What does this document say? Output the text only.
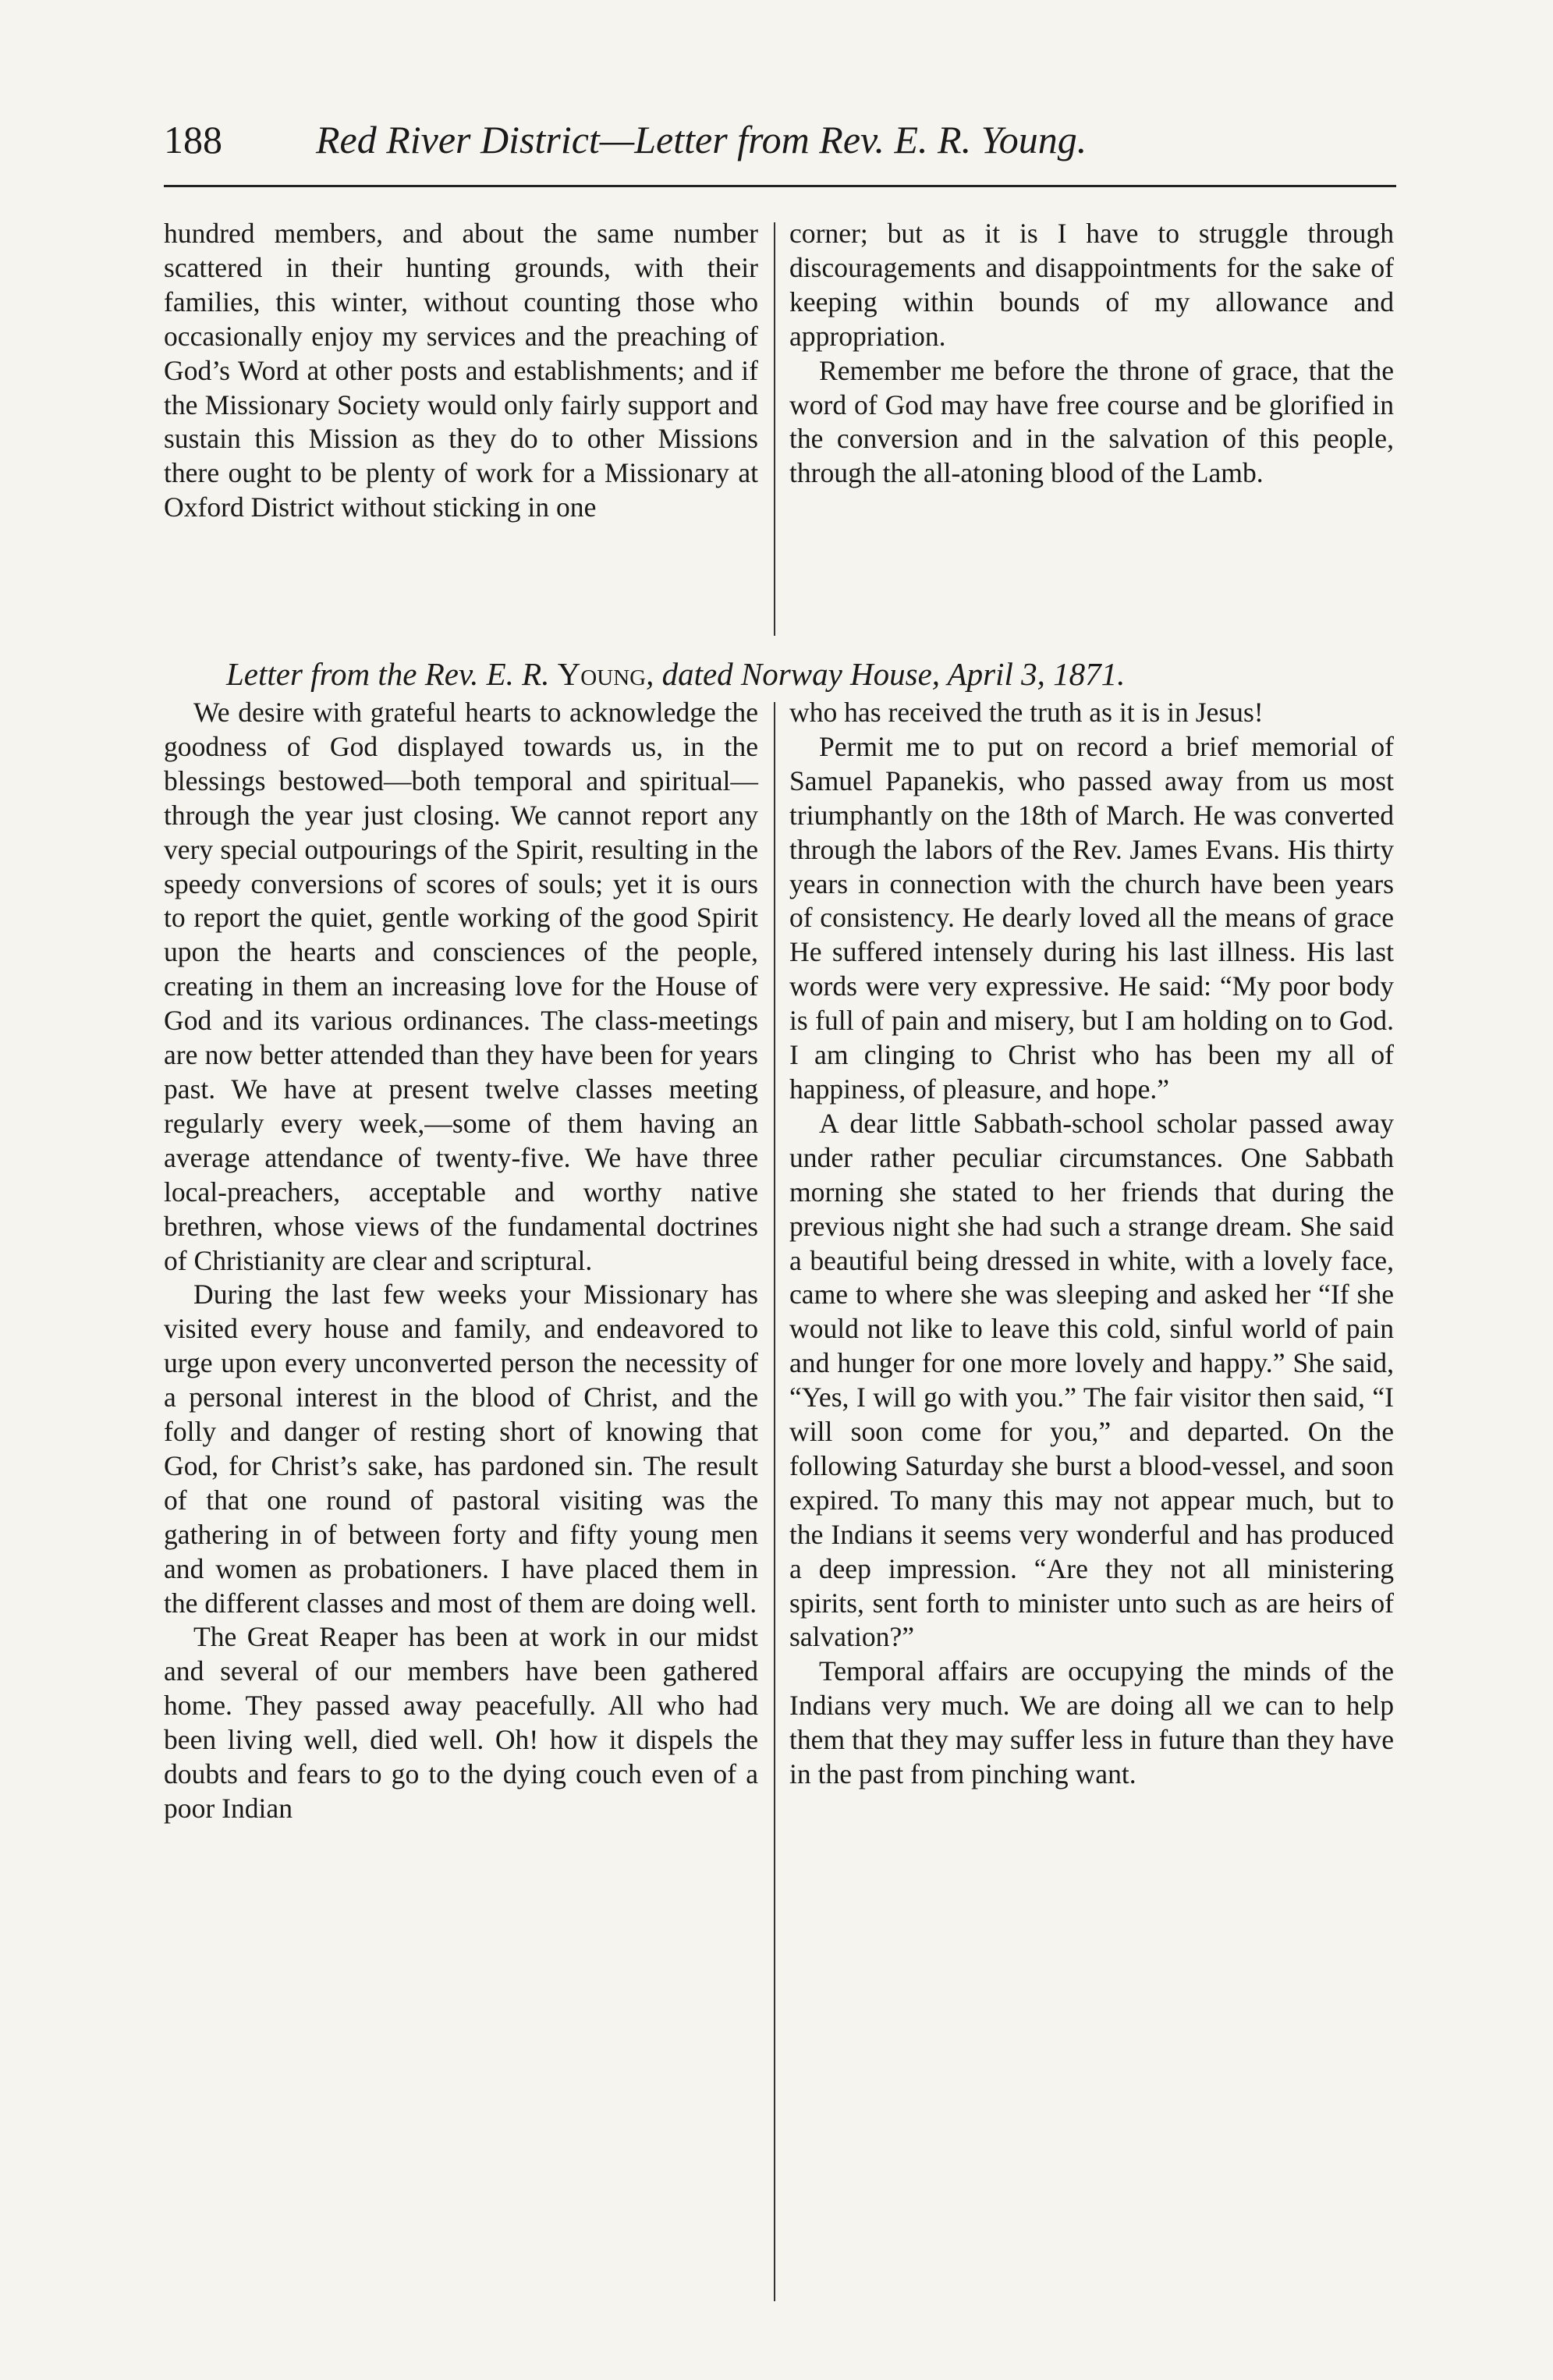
188 Red River District—Letter from Rev. E. R. Young.

hundred members, and about the same number scattered in their hunting grounds, with their families, this winter, without counting those who occasionally enjoy my services and the preaching of God’s Word at other posts and establishments; and if the Missionary Society would only fairly support and sustain this Mission as they do to other Missions there ought to be plenty of work for a Missionary at Oxford District without sticking in one

corner; but as it is I have to struggle through discouragements and disappointments for the sake of keeping within bounds of my allowance and appropriation.

Remember me before the throne of grace, that the word of God may have free course and be glorified in the conversion and in the salvation of this people, through the all-atoning blood of the Lamb.

Letter from the Rev. E. R. Young, dated Norway House, April 3, 1871.

We desire with grateful hearts to acknowledge the goodness of God displayed towards us, in the blessings bestowed—both temporal and spiritual—through the year just closing. We cannot report any very special outpourings of the Spirit, resulting in the speedy conversions of scores of souls; yet it is ours to report the quiet, gentle working of the good Spirit upon the hearts and consciences of the people, creating in them an increasing love for the House of God and its various ordinances. The class-meetings are now better attended than they have been for years past. We have at present twelve classes meeting regularly every week,—some of them having an average attendance of twenty-five. We have three local-preachers, acceptable and worthy native brethren, whose views of the fundamental doctrines of Christianity are clear and scriptural.

During the last few weeks your Missionary has visited every house and family, and endeavored to urge upon every unconverted person the necessity of a personal interest in the blood of Christ, and the folly and danger of resting short of knowing that God, for Christ’s sake, has pardoned sin. The result of that one round of pastoral visiting was the gathering in of between forty and fifty young men and women as probationers. I have placed them in the different classes and most of them are doing well.

The Great Reaper has been at work in our midst and several of our members have been gathered home. They passed away peacefully. All who had been living well, died well. Oh! how it dispels the doubts and fears to go to the dying couch even of a poor Indian

who has received the truth as it is in Jesus!

Permit me to put on record a brief memorial of Samuel Papanekis, who passed away from us most triumphantly on the 18th of March. He was converted through the labors of the Rev. James Evans. His thirty years in connection with the church have been years of consistency. He dearly loved all the means of grace He suffered intensely during his last illness. His last words were very expressive. He said: “My poor body is full of pain and misery, but I am holding on to God. I am clinging to Christ who has been my all of happiness, of pleasure, and hope.”

A dear little Sabbath-school scholar passed away under rather peculiar circumstances. One Sabbath morning she stated to her friends that during the previous night she had such a strange dream. She said a beautiful being dressed in white, with a lovely face, came to where she was sleeping and asked her “If she would not like to leave this cold, sinful world of pain and hunger for one more lovely and happy.” She said, “Yes, I will go with you.” The fair visitor then said, “I will soon come for you,” and departed. On the following Saturday she burst a blood-vessel, and soon expired. To many this may not appear much, but to the Indians it seems very wonderful and has produced a deep impression. “Are they not all ministering spirits, sent forth to minister unto such as are heirs of salvation?”

Temporal affairs are occupying the minds of the Indians very much. We are doing all we can to help them that they may suffer less in future than they have in the past from pinching want.
